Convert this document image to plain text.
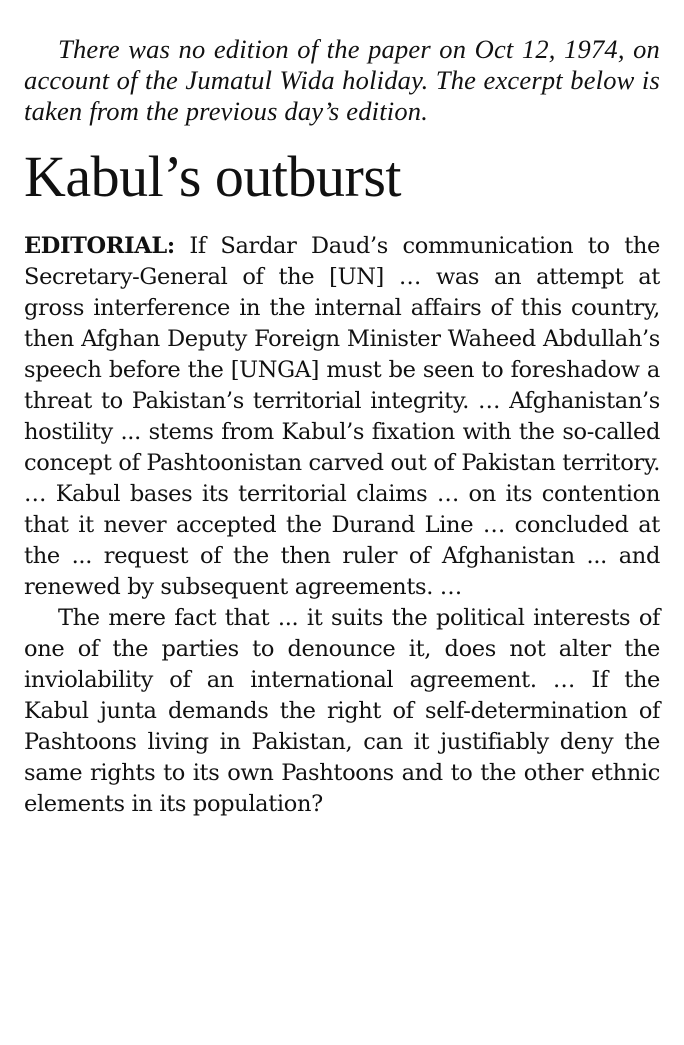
There was no edition of the paper on Oct 12, 1974, on account of the Jumatul Wida holiday. The excerpt below is taken from the previous day’s edition.

Kabul’s outburst

EDITORIAL: If Sardar Daud’s communication to the Secretary-General of the [UN] … was an attempt at gross interference in the internal affairs of this country, then Afghan Deputy Foreign Minister Waheed Abdullah’s speech before the [UNGA] must be seen to foreshadow a threat to Pakistan’s territorial integrity. … Afghanistan’s hostility ... stems from Kabul’s fixation with the so-called concept of Pashtoonistan carved out of Pakistan territory. … Kabul bases its territorial claims … on its contention that it never accepted the Durand Line … concluded at the ... request of the then ruler of Afghanistan ... and renewed by subsequent agreements. …

The mere fact that ... it suits the political interests of one of the parties to denounce it, does not alter the inviolability of an international agreement. … If the Kabul junta demands the right of self-determination of Pashtoons living in Pakistan, can it justifiably deny the same rights to its own Pashtoons and to the other ethnic elements in its population?
